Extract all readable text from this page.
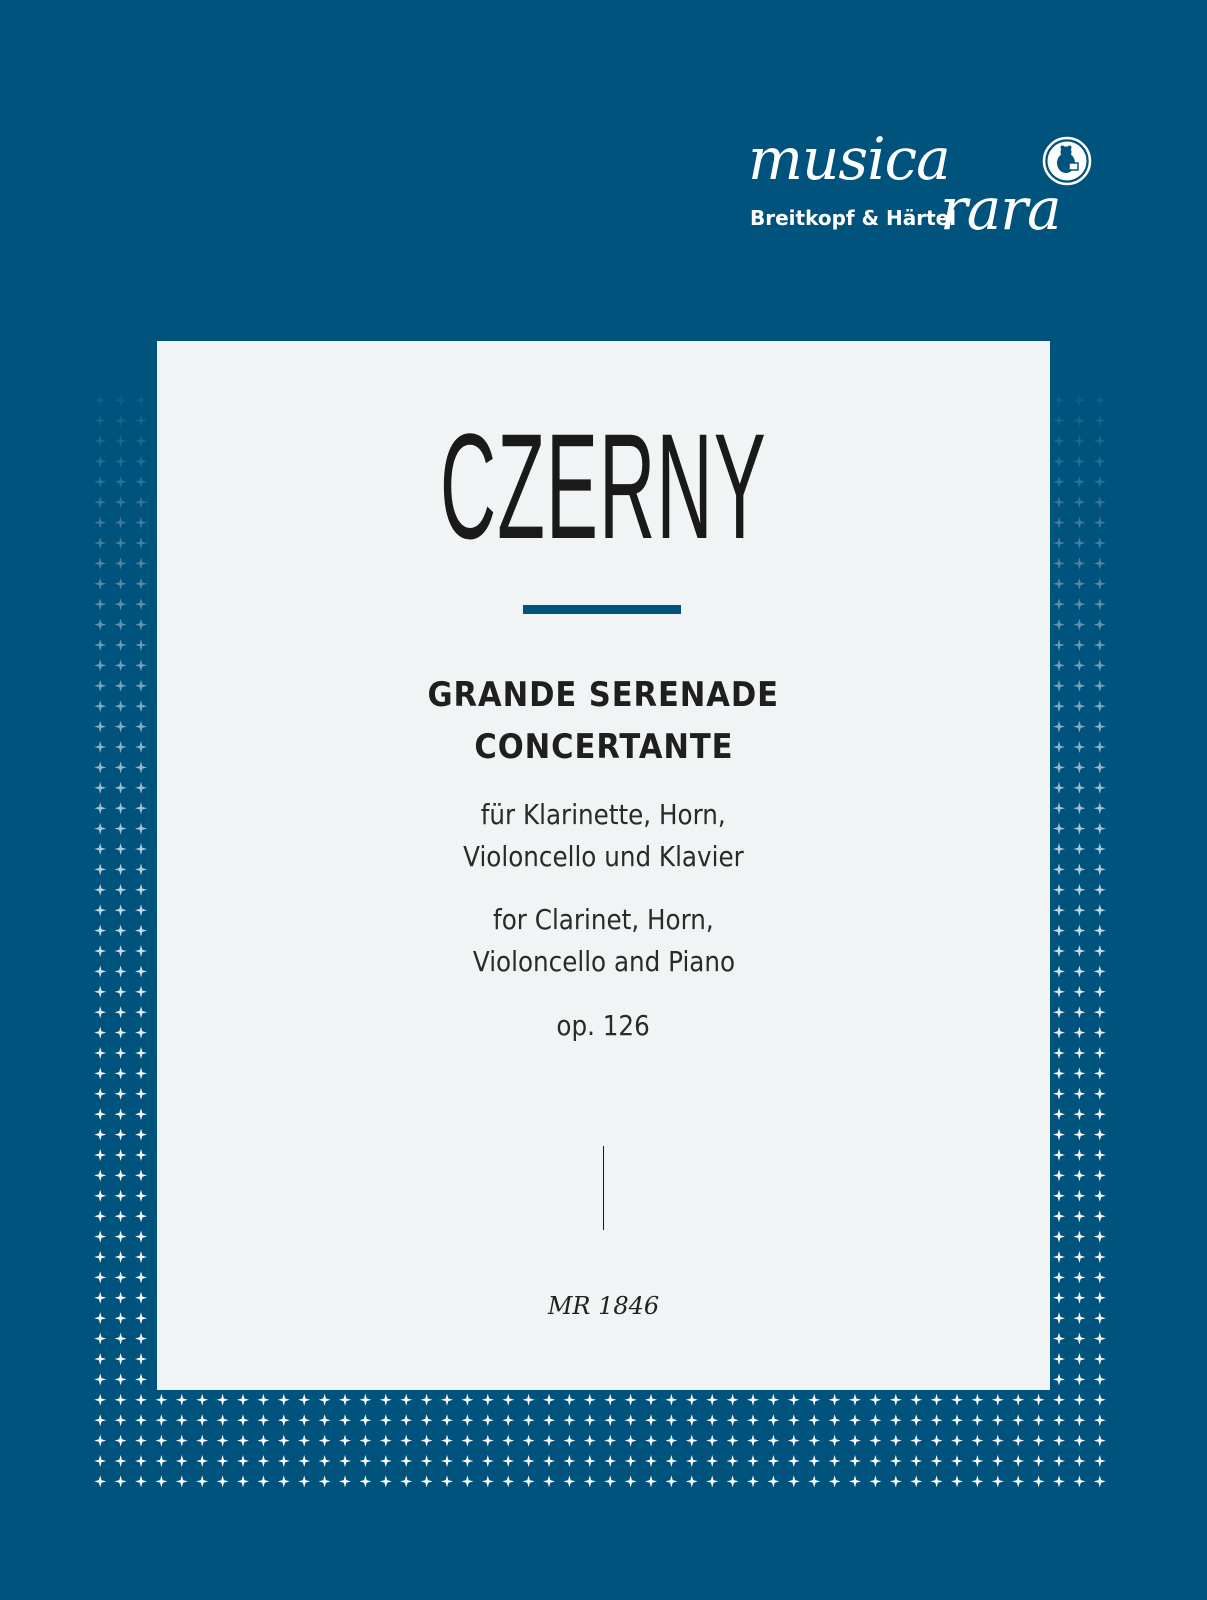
musica
Breitkopf & Härtel
rara
CZERNY
GRANDE SERENADE
CONCERTANTE
für Klarinette, Horn,
Violoncello und Klavier
for Clarinet, Horn,
Violoncello and Piano
op. 126
MR 1846
